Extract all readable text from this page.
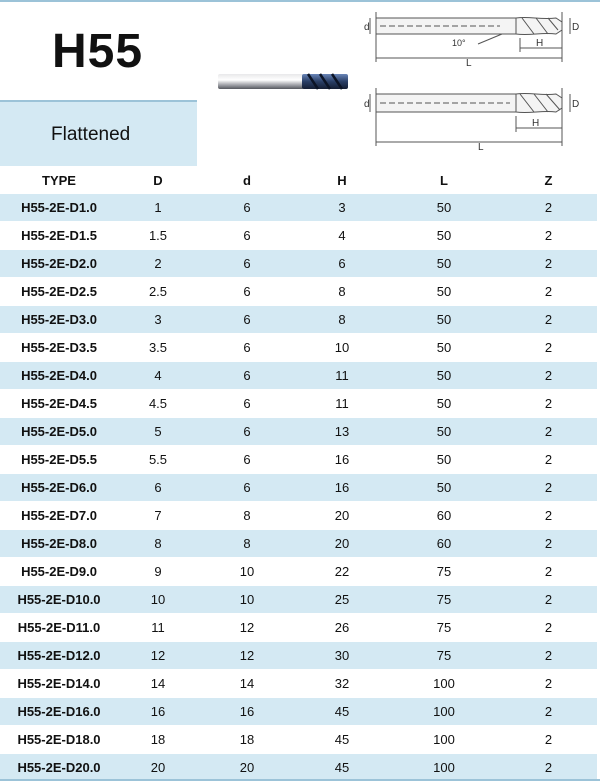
H55
Flattened
d	D
H
L
10°
d	D
H
L
TYPE	D	d	H	L	Z
H55-2E-D1.0	1	6	3	50	2
H55-2E-D1.5	1.5	6	4	50	2
H55-2E-D2.0	2	6	6	50	2
H55-2E-D2.5	2.5	6	8	50	2
H55-2E-D3.0	3	6	8	50	2
H55-2E-D3.5	3.5	6	10	50	2
H55-2E-D4.0	4	6	11	50	2
H55-2E-D4.5	4.5	6	11	50	2
H55-2E-D5.0	5	6	13	50	2
H55-2E-D5.5	5.5	6	16	50	2
H55-2E-D6.0	6	6	16	50	2
H55-2E-D7.0	7	8	20	60	2
H55-2E-D8.0	8	8	20	60	2
H55-2E-D9.0	9	10	22	75	2
H55-2E-D10.0	10	10	25	75	2
H55-2E-D11.0	11	12	26	75	2
H55-2E-D12.0	12	12	30	75	2
H55-2E-D14.0	14	14	32	100	2
H55-2E-D16.0	16	16	45	100	2
H55-2E-D18.0	18	18	45	100	2
H55-2E-D20.0	20	20	45	100	2
